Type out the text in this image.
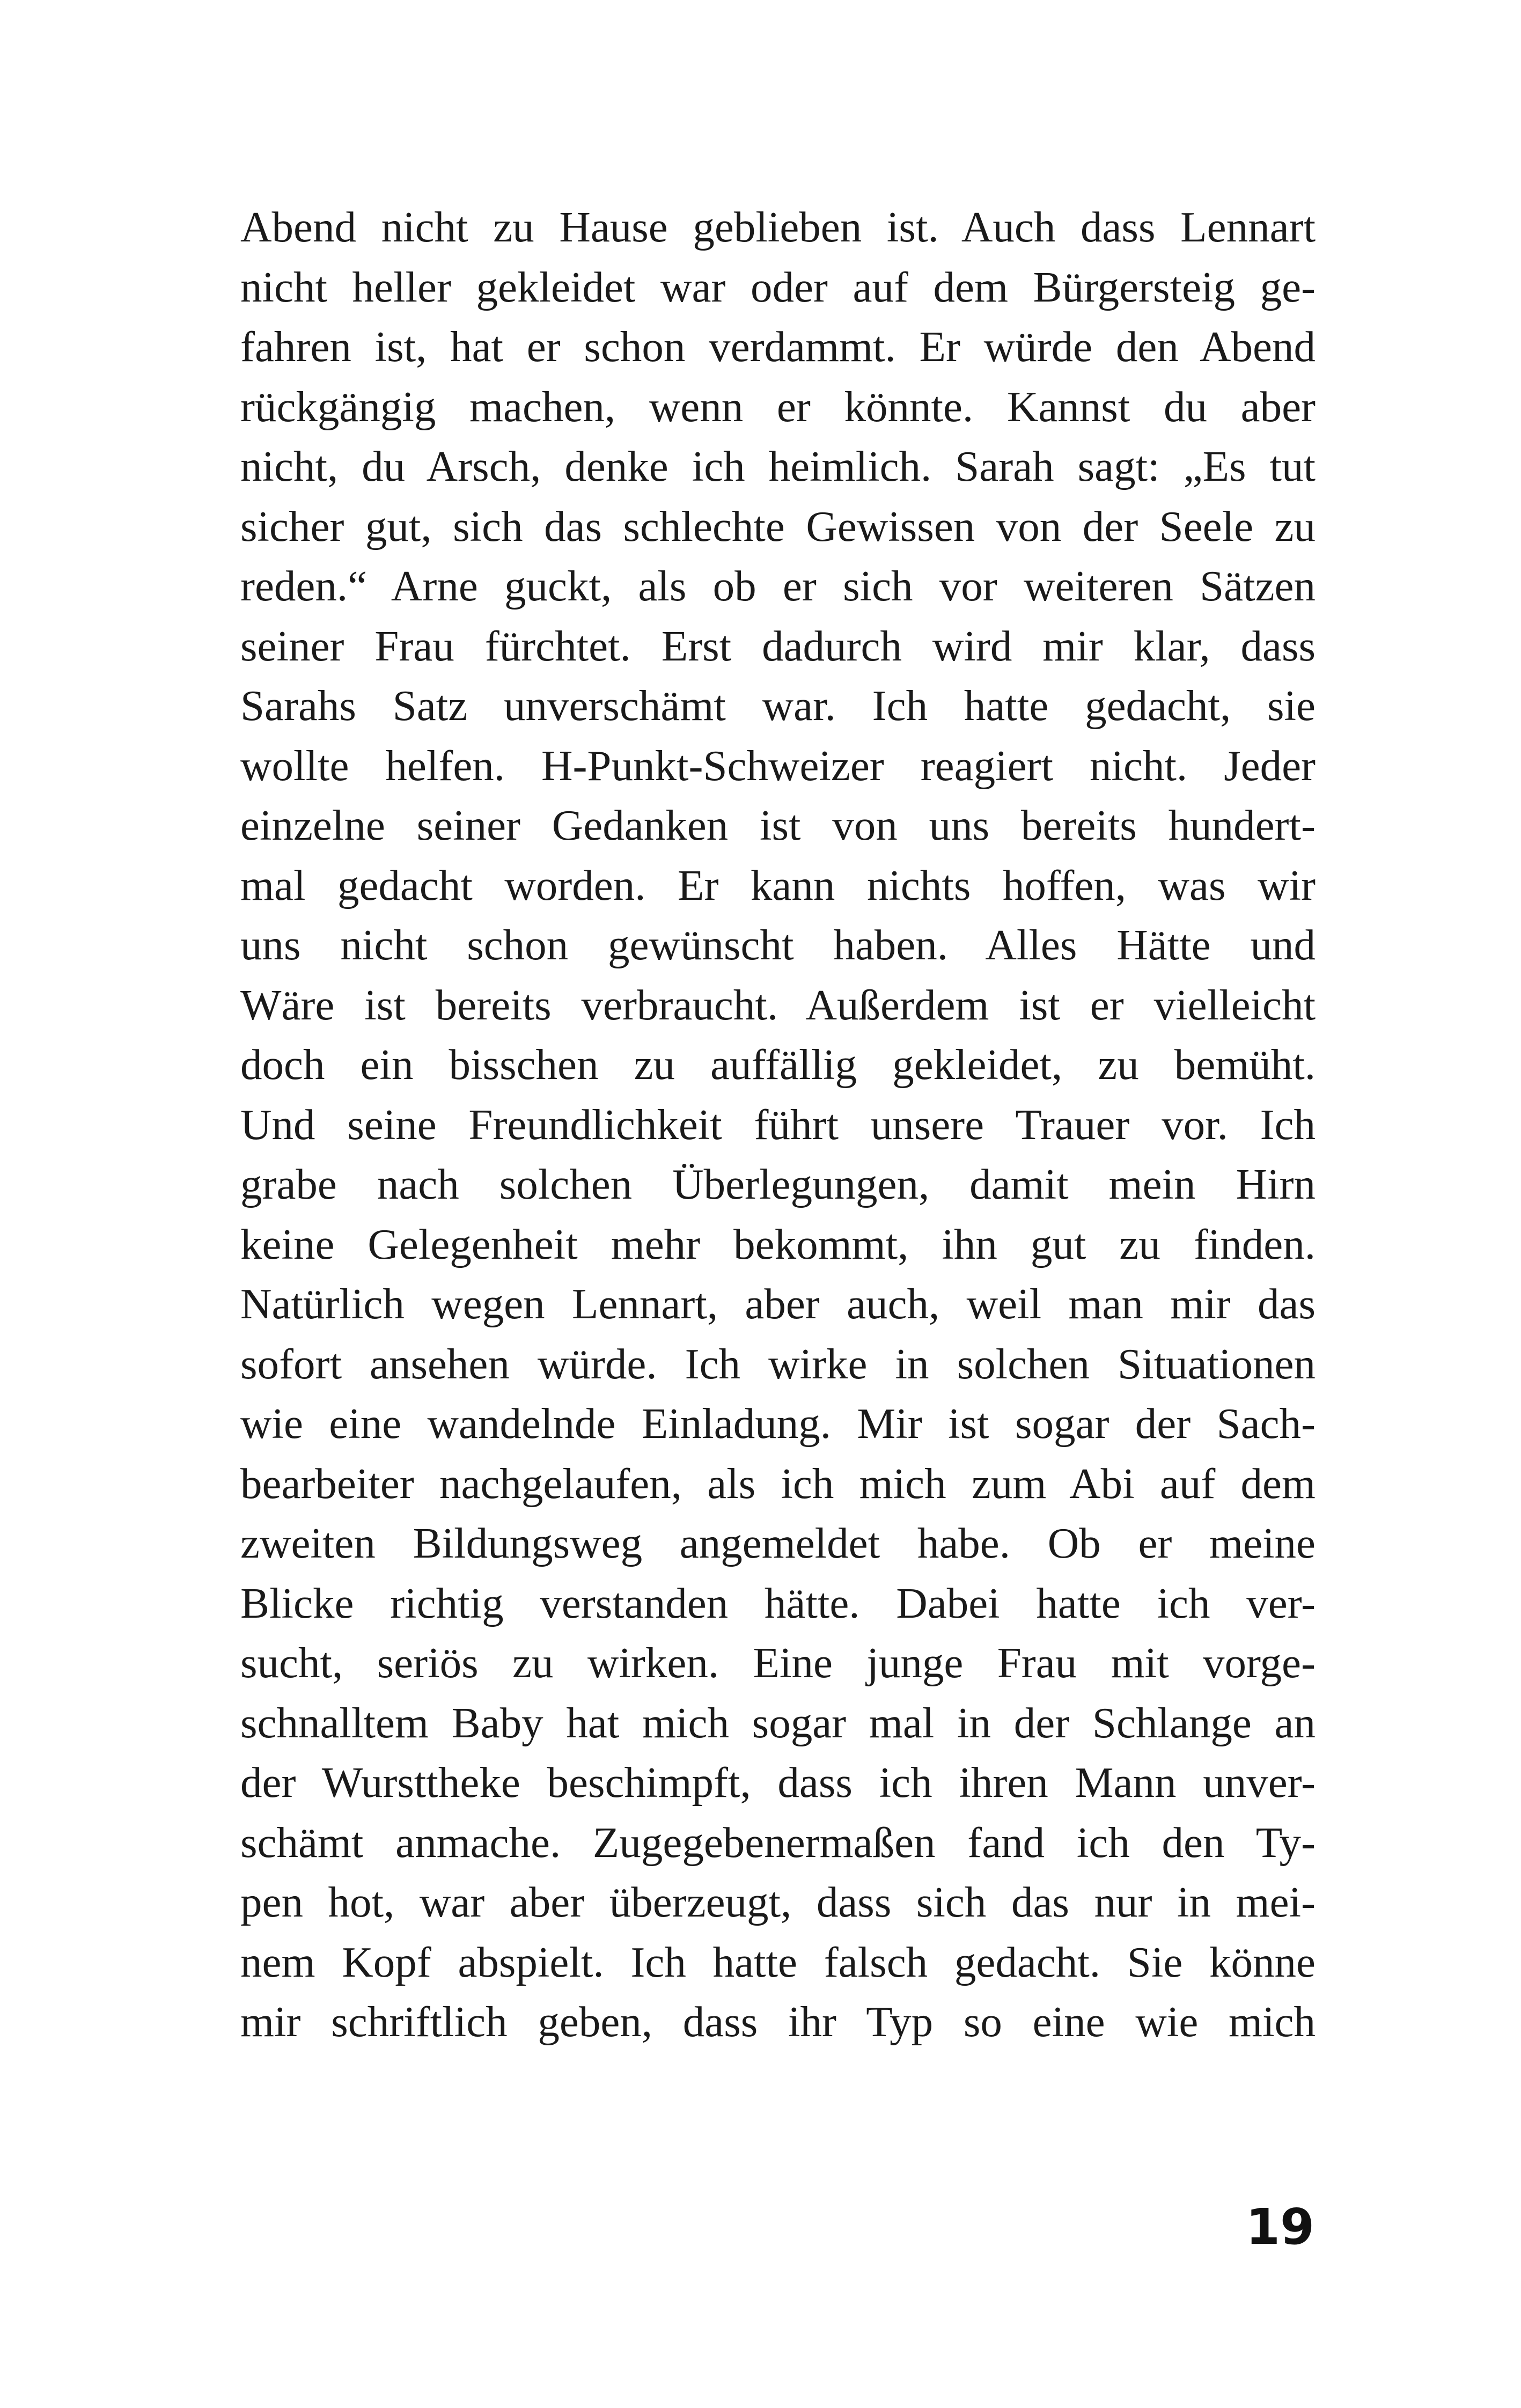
Abend nicht zu Hause geblieben ist. Auch dass Lennart
nicht heller gekleidet war oder auf dem Bürgersteig ge-
fahren ist, hat er schon verdammt. Er würde den Abend
rückgängig machen, wenn er könnte. Kannst du aber
nicht, du Arsch, denke ich heimlich. Sarah sagt: „Es tut
sicher gut, sich das schlechte Gewissen von der Seele zu
reden.“ Arne guckt, als ob er sich vor weiteren Sätzen
seiner Frau fürchtet. Erst dadurch wird mir klar, dass
Sarahs Satz unverschämt war. Ich hatte gedacht, sie
wollte helfen. H-Punkt-Schweizer reagiert nicht. Jeder
einzelne seiner Gedanken ist von uns bereits hundert-
mal gedacht worden. Er kann nichts hoffen, was wir
uns nicht schon gewünscht haben. Alles Hätte und
Wäre ist bereits verbraucht. Außerdem ist er vielleicht
doch ein bisschen zu auffällig gekleidet, zu bemüht.
Und seine Freundlichkeit führt unsere Trauer vor. Ich
grabe nach solchen Überlegungen, damit mein Hirn
keine Gelegenheit mehr bekommt, ihn gut zu finden.
Natürlich wegen Lennart, aber auch, weil man mir das
sofort ansehen würde. Ich wirke in solchen Situationen
wie eine wandelnde Einladung. Mir ist sogar der Sach-
bearbeiter nachgelaufen, als ich mich zum Abi auf dem
zweiten Bildungsweg angemeldet habe. Ob er meine
Blicke richtig verstanden hätte. Dabei hatte ich ver-
sucht, seriös zu wirken. Eine junge Frau mit vorge-
schnalltem Baby hat mich sogar mal in der Schlange an
der Wursttheke beschimpft, dass ich ihren Mann unver-
schämt anmache. Zugegebenermaßen fand ich den Ty-
pen hot, war aber überzeugt, dass sich das nur in mei-
nem Kopf abspielt. Ich hatte falsch gedacht. Sie könne
mir schriftlich geben, dass ihr Typ so eine wie mich
19
